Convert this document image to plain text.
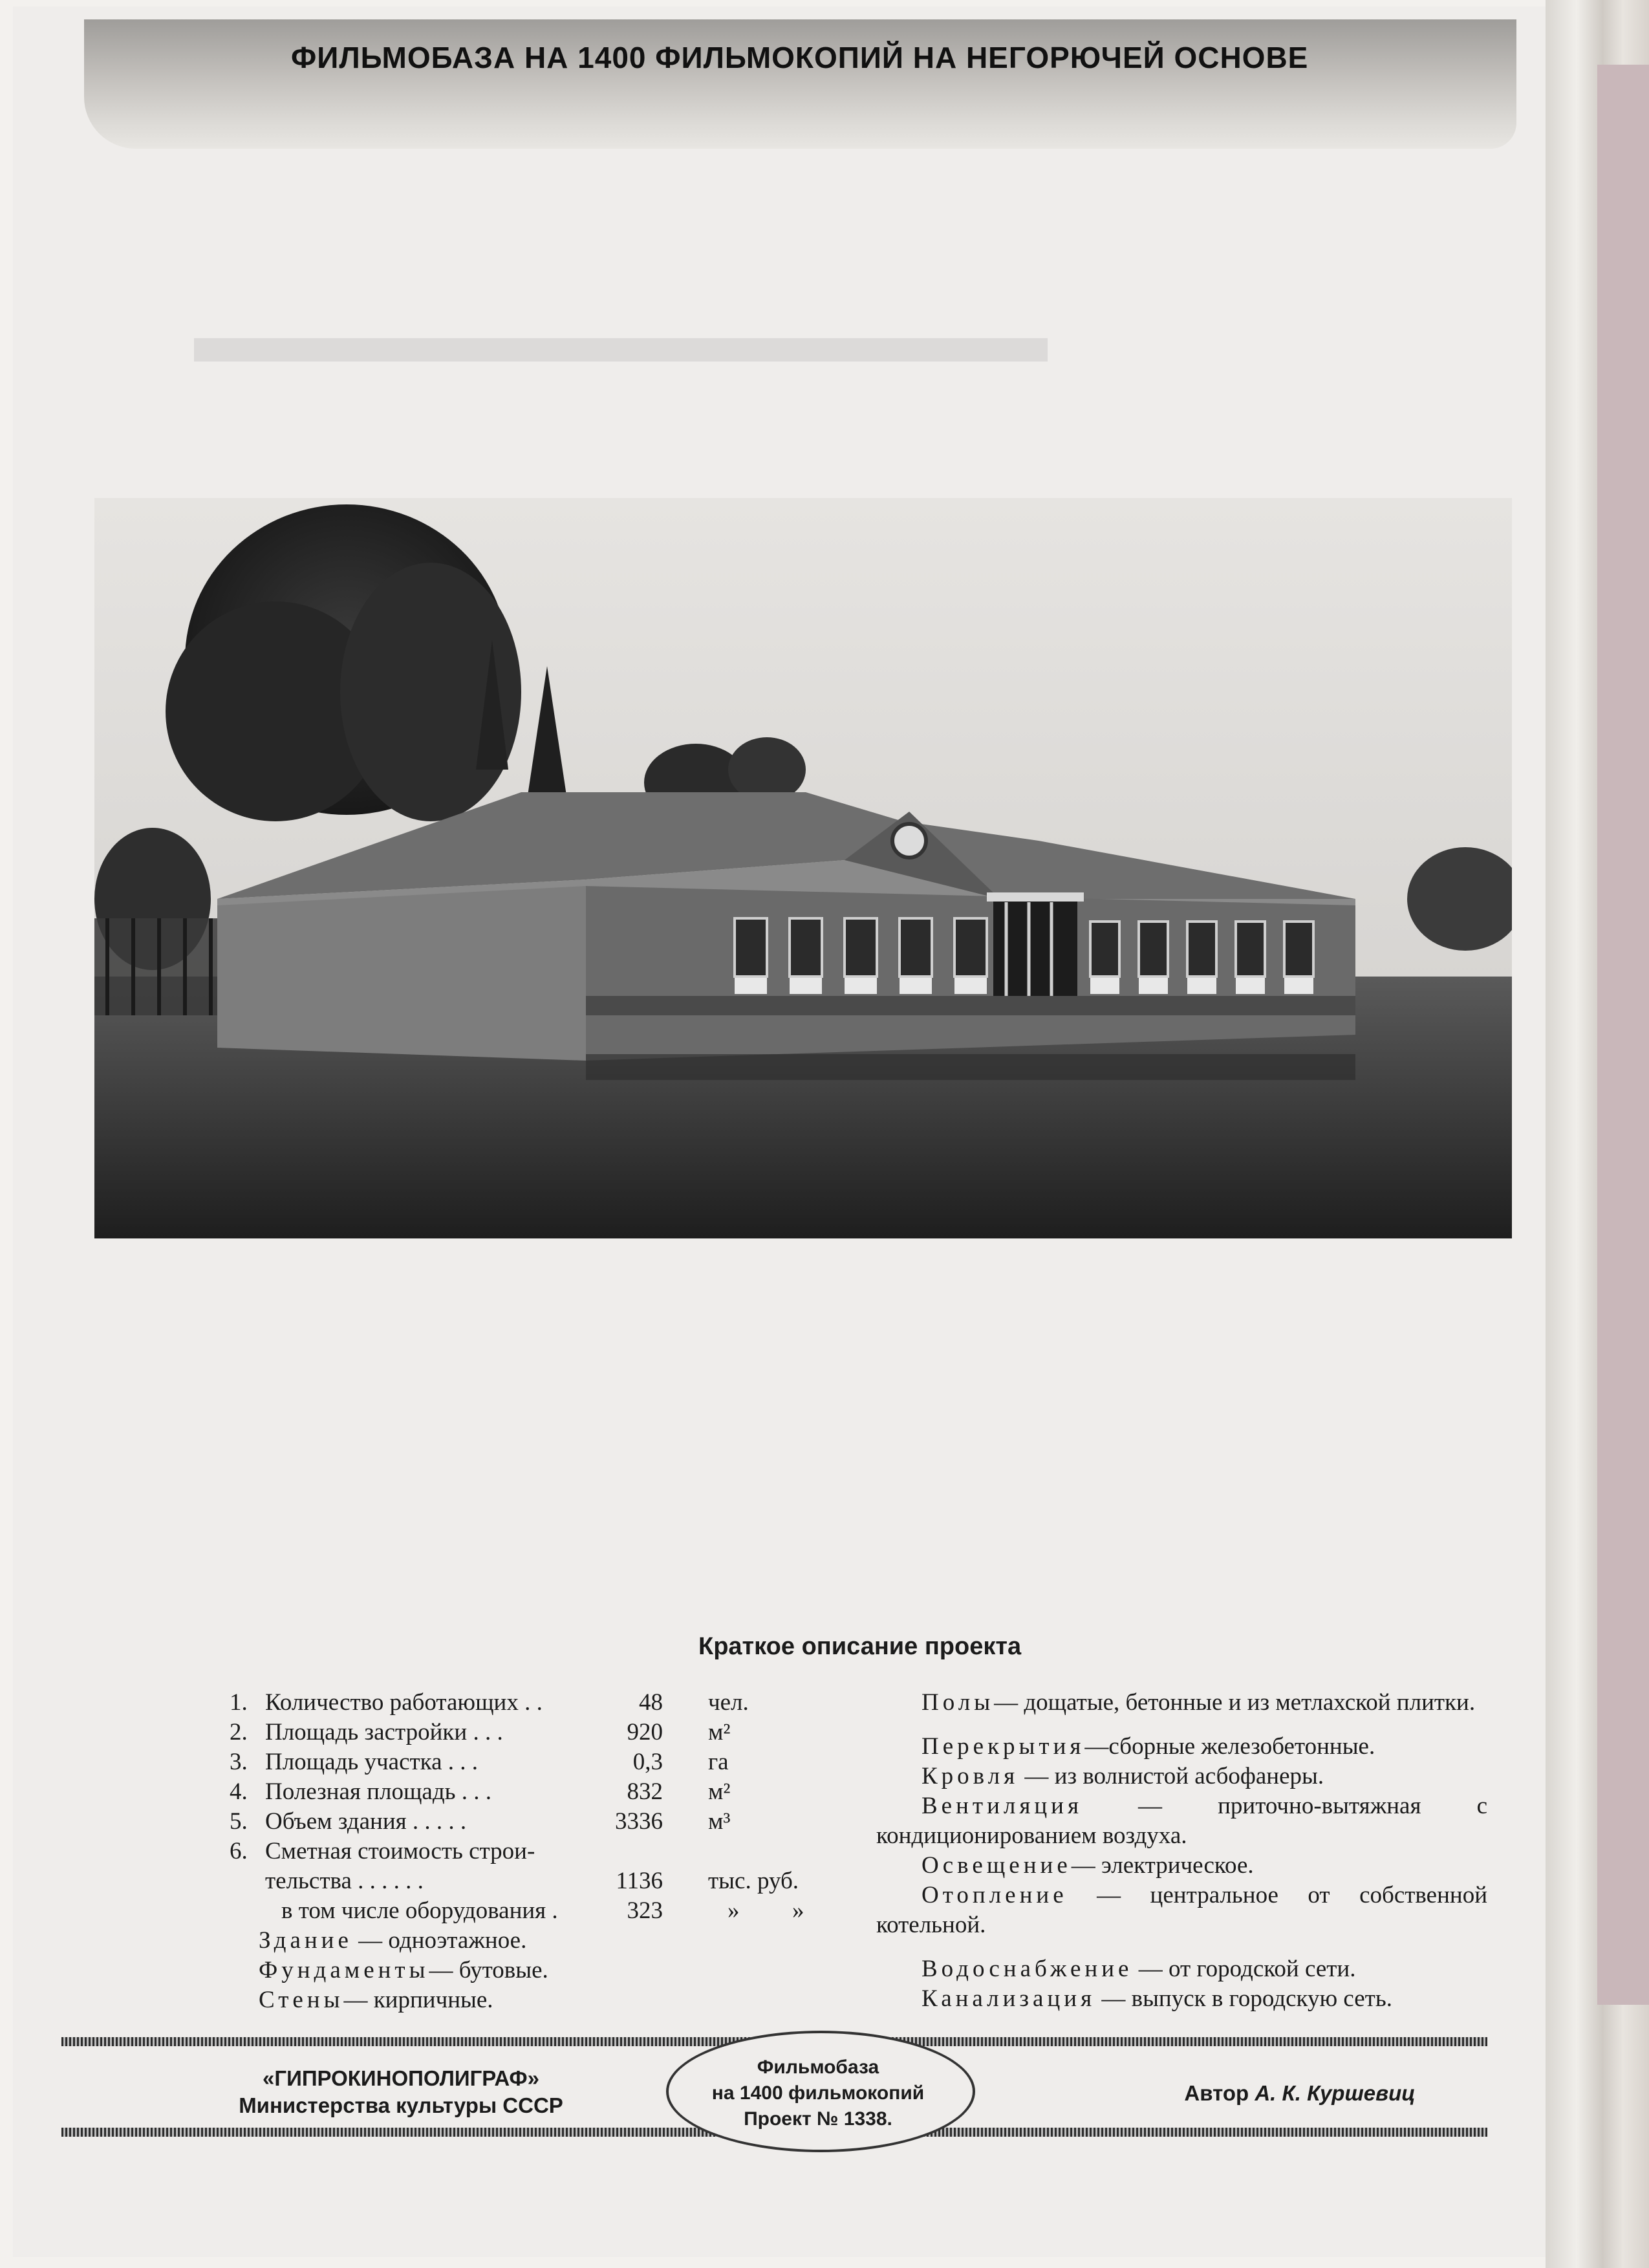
▬▬▬▬▬▬▬▬▬▬▬
ФИЛЬМОБАЗА НА 1400 ФИЛЬМОКОПИЙ НА НЕГОРЮЧЕЙ ОСНОВЕ
Краткое описание проекта
1. Количество работающих . .	48 чел.
2. Площадь застройки . . .	920 м²
3. Площадь участка . . .	0,3 га
4. Полезная площадь . . .	832 м²
5. Объем здания . . . . .	3336 м³
6. Сметная стоимость строи-
тельства . . . . . .	1136 тыс. руб.
в том числе оборудования .	323	» »
Здание — одноэтажное.
Фундаменты— бутовые.
Стены— кирпичные.

Полы— дощатые, бетонные и из метлахской плитки.

Перекрытия—сборные железобетонные.

Кровля — из волнистой асбофанеры.

Вентиляция — приточно-вытяжная с кондиционированием воздуха.

Освещение— электрическое.

Отопление — центральное от собственной котельной.

Водоснабжение — от городской сети.

Канализация — выпуск в городскую сеть.

«ГИПРОКИНОПОЛИГРАФ»
Министерства культуры СССР
Фильмобаза
на 1400 фильмокопий
Проект № 1338.
Автор А. К. Куршевиц
